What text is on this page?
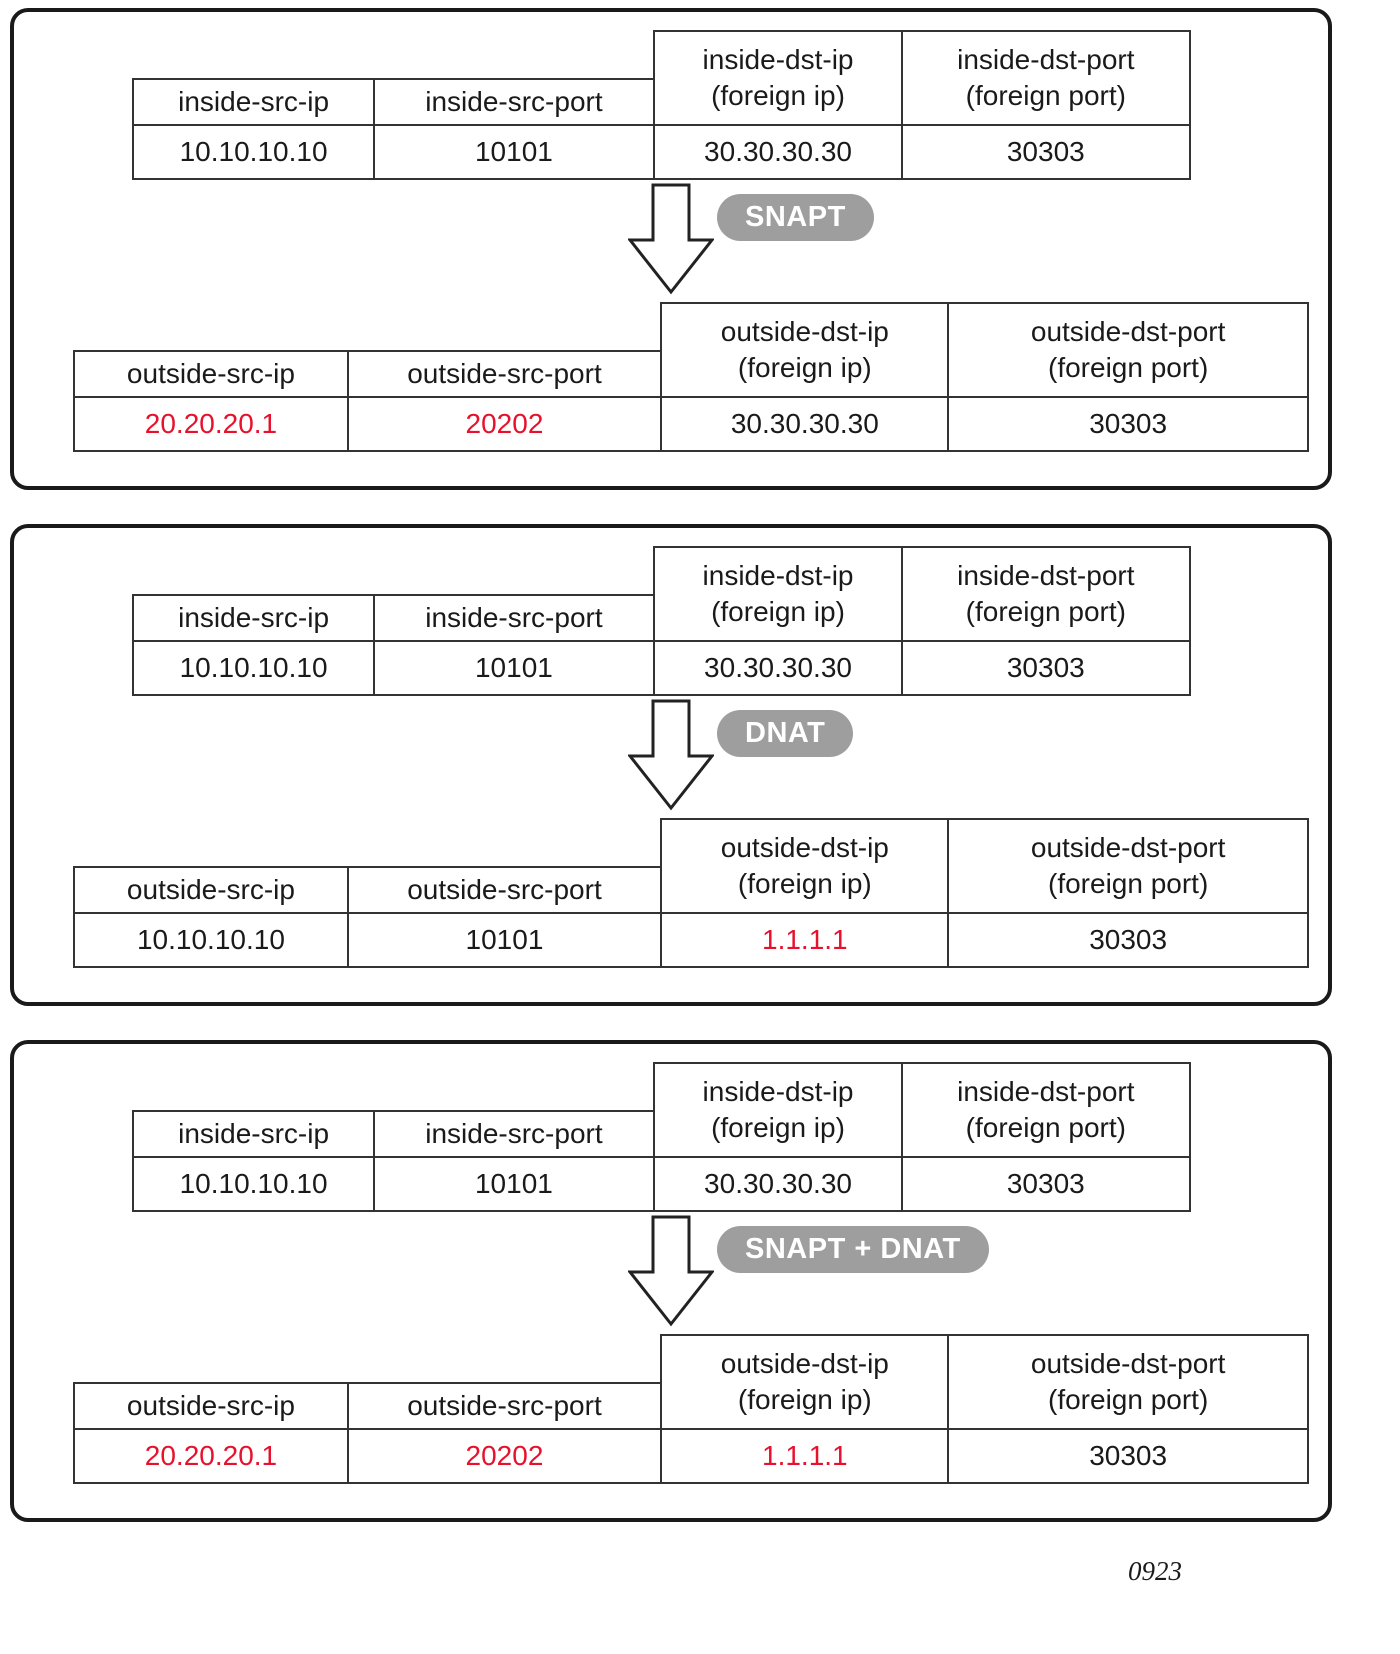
inside-src-ip
10.10.10.10
inside-src-port
10101
inside-dst-ip
(foreign ip)
30.30.30.30
inside-dst-port
(foreign port)
30303
SNAPT
outside-src-ip
20.20.20.1
outside-src-port
20202
outside-dst-ip
(foreign ip)
30.30.30.30
outside-dst-port
(foreign port)
30303
inside-src-ip
10.10.10.10
inside-src-port
10101
inside-dst-ip
(foreign ip)
30.30.30.30
inside-dst-port
(foreign port)
30303
DNAT
outside-src-ip
10.10.10.10
outside-src-port
10101
outside-dst-ip
(foreign ip)
1.1.1.1
outside-dst-port
(foreign port)
30303
inside-src-ip
10.10.10.10
inside-src-port
10101
inside-dst-ip
(foreign ip)
30.30.30.30
inside-dst-port
(foreign port)
30303
SNAPT + DNAT
outside-src-ip
20.20.20.1
outside-src-port
20202
outside-dst-ip
(foreign ip)
1.1.1.1
outside-dst-port
(foreign port)
30303
0923
